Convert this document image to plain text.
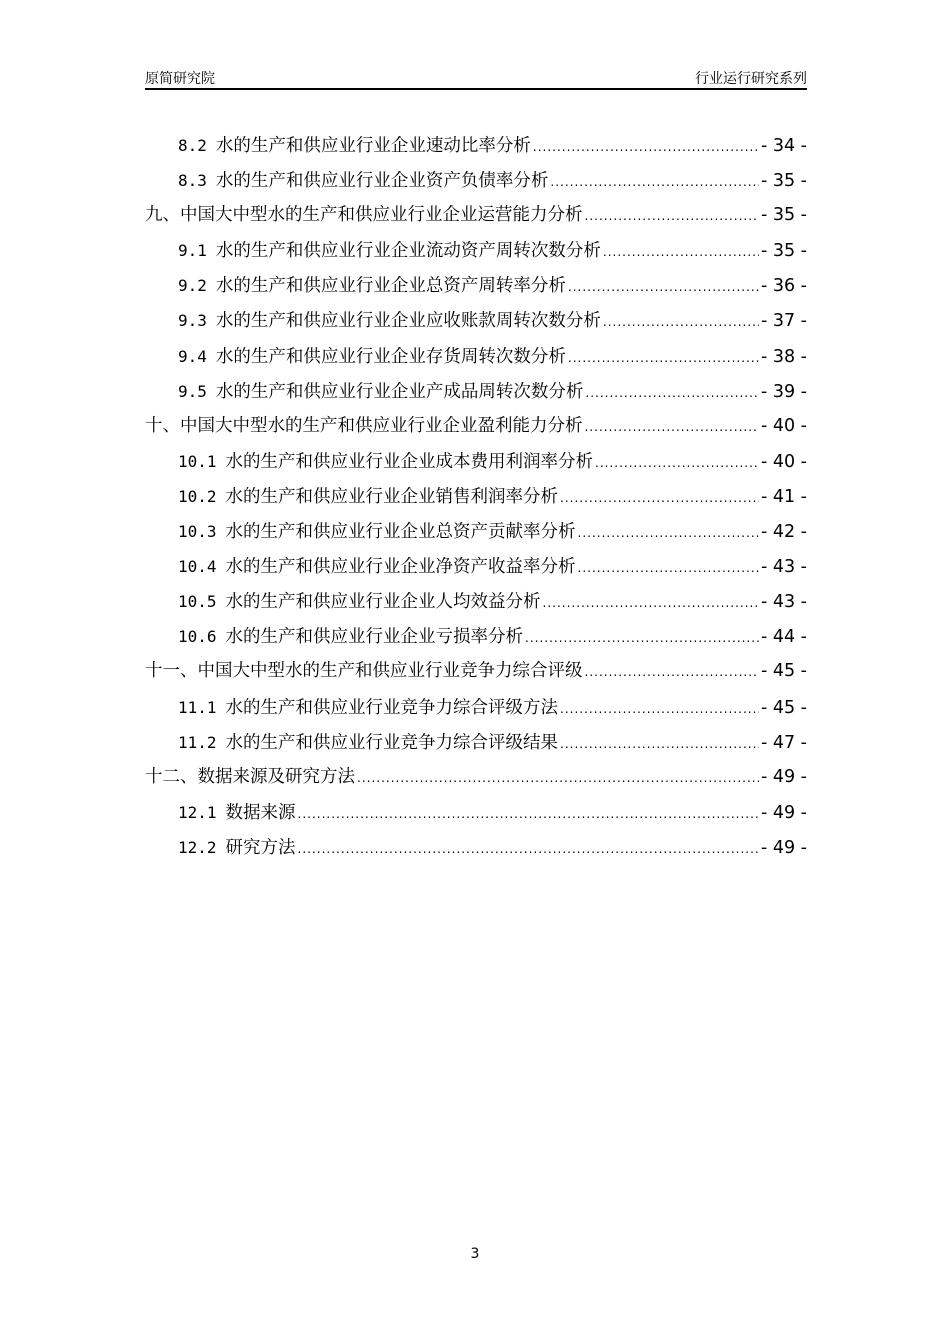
原简研究院	行业运行研究系列
8.2 水的生产和供应业行业企业速动比率分析 .....	- 34 -
8.3 水的生产和供应业行业企业资产负债率分析 .....	- 35 -
九、中国大中型水的生产和供应业行业企业运营能力分析 .....	- 35 -
9.1 水的生产和供应业行业企业流动资产周转次数分析 .....	- 35 -
9.2 水的生产和供应业行业企业总资产周转率分析 .....	- 36 -
9.3 水的生产和供应业行业企业应收账款周转次数分析 .....	- 37 -
9.4 水的生产和供应业行业企业存货周转次数分析 .....	- 38 -
9.5 水的生产和供应业行业企业产成品周转次数分析 .....	- 39 -
十、中国大中型水的生产和供应业行业企业盈利能力分析 .....	- 40 -
10.1 水的生产和供应业行业企业成本费用利润率分析 .....	- 40 -
10.2 水的生产和供应业行业企业销售利润率分析 .....	- 41 -
10.3 水的生产和供应业行业企业总资产贡献率分析 .....	- 42 -
10.4 水的生产和供应业行业企业净资产收益率分析 .....	- 43 -
10.5 水的生产和供应业行业企业人均效益分析 .....	- 43 -
10.6 水的生产和供应业行业企业亏损率分析 .....	- 44 -
十一、中国大中型水的生产和供应业行业竞争力综合评级 .....	- 45 -
11.1 水的生产和供应业行业竞争力综合评级方法 .....	- 45 -
11.2 水的生产和供应业行业竞争力综合评级结果 .....	- 47 -
十二、数据来源及研究方法 .....	- 49 -
12.1 数据来源 .....	- 49 -
12.2 研究方法 .....	- 49 -
3
